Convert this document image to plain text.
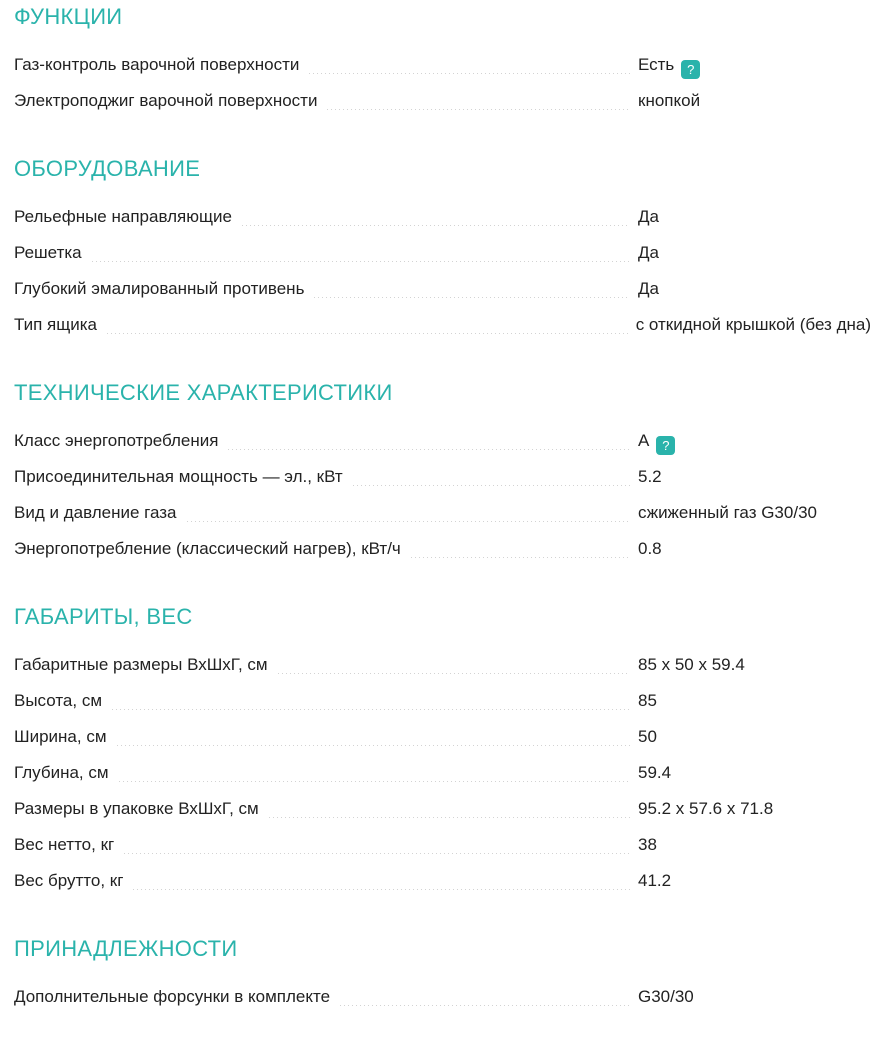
ФУНКЦИИ
Газ-контроль варочной поверхности	Есть ?
Электроподжиг варочной поверхности	кнопкой
ОБОРУДОВАНИЕ
Рельефные направляющие	Да
Решетка	Да
Глубокий эмалированный противень	Да
Тип ящика	с откидной крышкой (без дна)
ТЕХНИЧЕСКИЕ ХАРАКТЕРИСТИКИ
Класс энергопотребления	A ?
Присоединительная мощность — эл., кВт	5.2
Вид и давление газа	сжиженный газ G30/30
Энергопотребление (классический нагрев), кВт/ч	0.8
ГАБАРИТЫ, ВЕС
Габаритные размеры ВхШхГ, см	85 x 50 x 59.4
Высота, см	85
Ширина, см	50
Глубина, см	59.4
Размеры в упаковке ВхШхГ, см	95.2 x 57.6 x 71.8
Вес нетто, кг	38
Вес брутто, кг	41.2
ПРИНАДЛЕЖНОСТИ
Дополнительные форсунки в комплекте	G30/30
